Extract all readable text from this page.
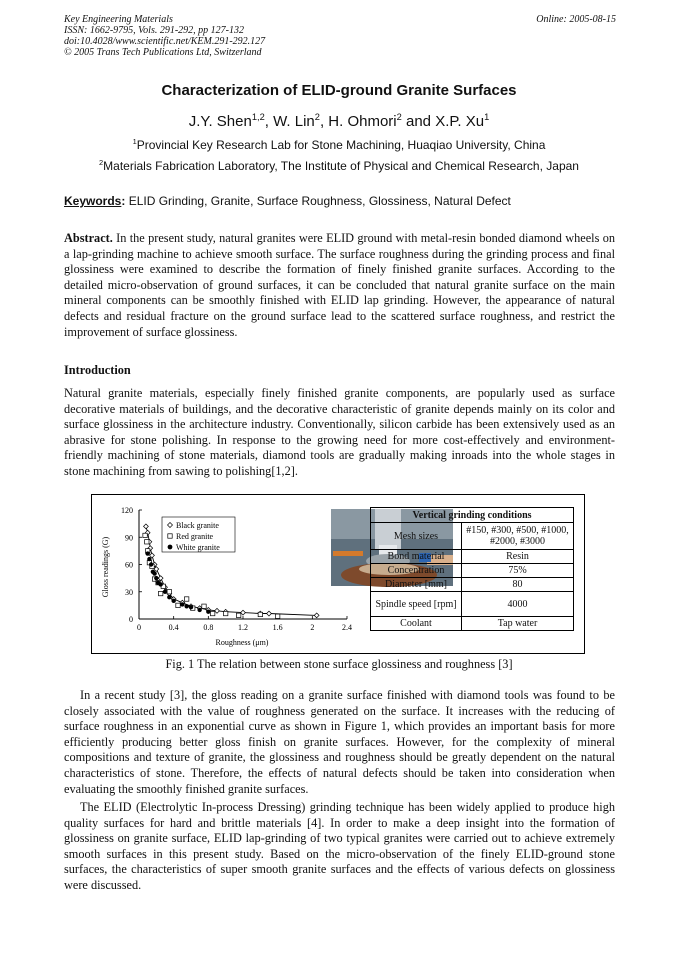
Key Engineering Materials
ISSN: 1662-9795, Vols. 291-292, pp 127-132
doi:10.4028/www.scientific.net/KEM.291-292.127
© 2005 Trans Tech Publications Ltd, Switzerland
Online: 2005-08-15
Characterization of ELID-ground Granite Surfaces
J.Y. Shen$^{1,2}$, W. Lin$^2$, H. Ohmori$^2$ and X.P. Xu$^1$
$^1$Provincial Key Research Lab for Stone Machining, Huaqiao University, China
$^2$Materials Fabrication Laboratory, The Institute of Physical and Chemical Research, Japan
Keywords: ELID Grinding, Granite, Surface Roughness, Glossiness, Natural Defect

Abstract. In the present study, natural granites were ELID ground with metal-resin bonded diamond wheels on a lap-grinding machine to achieve smooth surface. The surface roughness during the grinding process and final glossiness were examined to describe the formation of finely finished granite surfaces. According to the detailed micro-observation of ground surfaces, it can be concluded that natural granite surface on the main mineral components can be smoothly finished with ELID lap grinding. However, the appearance of natural defects and residual fracture on the ground surface lead to the scattered surface roughness, and restrict the improvement of surface glossiness.

Introduction

Natural granite materials, especially finely finished granite components, are popularly used as surface decorative materials of buildings, and the decorative characteristic of granite depends mainly on its color and surface glossiness in the architecture industry. Conventionally, silicon carbide has been extensively used as an abrasive for stone polishing. In response to the growing need for more cost-effectively and environment-friendly machining of stone materials, diamond tools are gradually making inroads into the whole stages in stone machining from sawing to polishing[1,2].

0	0.4	0.8	1.2	1.6	2	2.4
0
30
60
90
120
Gloss readings (G)
Roughness (μm)
Black granite
Red granite
White granite
Vertical grinding conditions	
Mesh sizes	#150, #300, #500, #1000, #2000, #3000
Bond material	Resin
Concentration	75%
Diameter [mm]	80
Spindle speed [rpm]	4000
Coolant	Tap water
Fig. 1 The relation between stone surface glossiness and roughness [3]

In a recent study [3], the gloss reading on a granite surface finished with diamond tools was found to be closely associated with the value of roughness generated on the surface. It increases with the reducing of surface roughness in an exponential curve as shown in Figure 1, which provides an important basis for more efficiently producing better gloss finish on granite surfaces. However, for the complexity of mineral compositions and texture of granite, the glossiness and roughness should be greatly dependent on the natural characteristics of stone. Therefore, the effects of natural defects should be taken into consideration when evaluating the smoothly finished granite surfaces.

The ELID (Electrolytic In-process Dressing) grinding technique has been widely applied to produce high quality surfaces for hard and brittle materials [4]. In order to make a deep insight into the formation of glossiness on granite surface, ELID lap-grinding of two typical granites were carried out to achieve extremely smooth surfaces in this present study. Based on the micro-observation of the finely ELID-ground stone surfaces, the characteristics of super smooth granite surfaces and the effects of various defects on glossiness were discussed.
